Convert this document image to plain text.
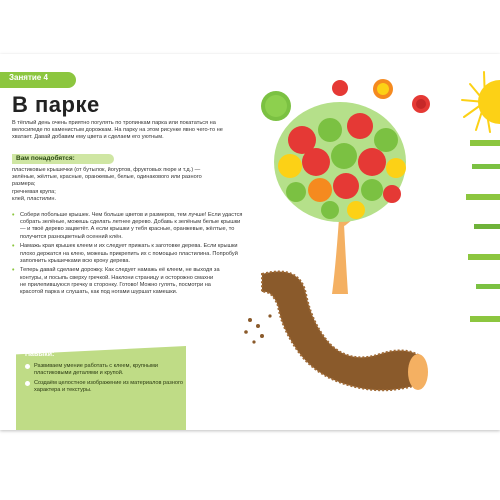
Занятие 4
В парке
В тёплый день очень приятно погулять по тропинкам парка или покататься на велосипеде по каменистым дорожкам. На парку на этом рисунке явно чего-то не хватает. Давай добавим ему цвета и сделаем его уютным.
Вам понадобятся:
пластиковые крышечки (от бутылок, йогуртов, фруктовых пюре и т.д.) — зелёные, жёлтые, красные, оранжевые, белые, одинакового или разного размера;
гречневая крупа;
клей, пластилин.
• Собери побольше крышек. Чем больше цветов и размеров, тем лучше! Если удастся собрать зелёные, можешь сделать летнее дерево. Добавь к зелёным белые крышки — и твоё дерево зацветёт. А если крышки у тебя красные, оранжевые, жёлтые, то получится разноцветный осенний клён.
• Намажь края крышек клеем и их следует прижать к заготовке дерева. Если крышки плохо держатся на клею, можешь прикрепить их с помощью пластилина. Попробуй заполнить крышечками всю крону дерева.
• Теперь давай сделаем дорожку. Как следует намажь её клеем, не выходя за контуры, и посыпь сверху гречкой. Наклони страницу и осторожно смахни не прилепившуюся гречку в сторонку. Готово! Можно гулять, посмотри на красотой парка и слушать, как под ногами шуршат камешки.
Навыки:
Развиваем умение работать с клеем, крупными пластиковыми деталями и крупой.
Создаём целостное изображение из материалов разного характера и текстуры.
